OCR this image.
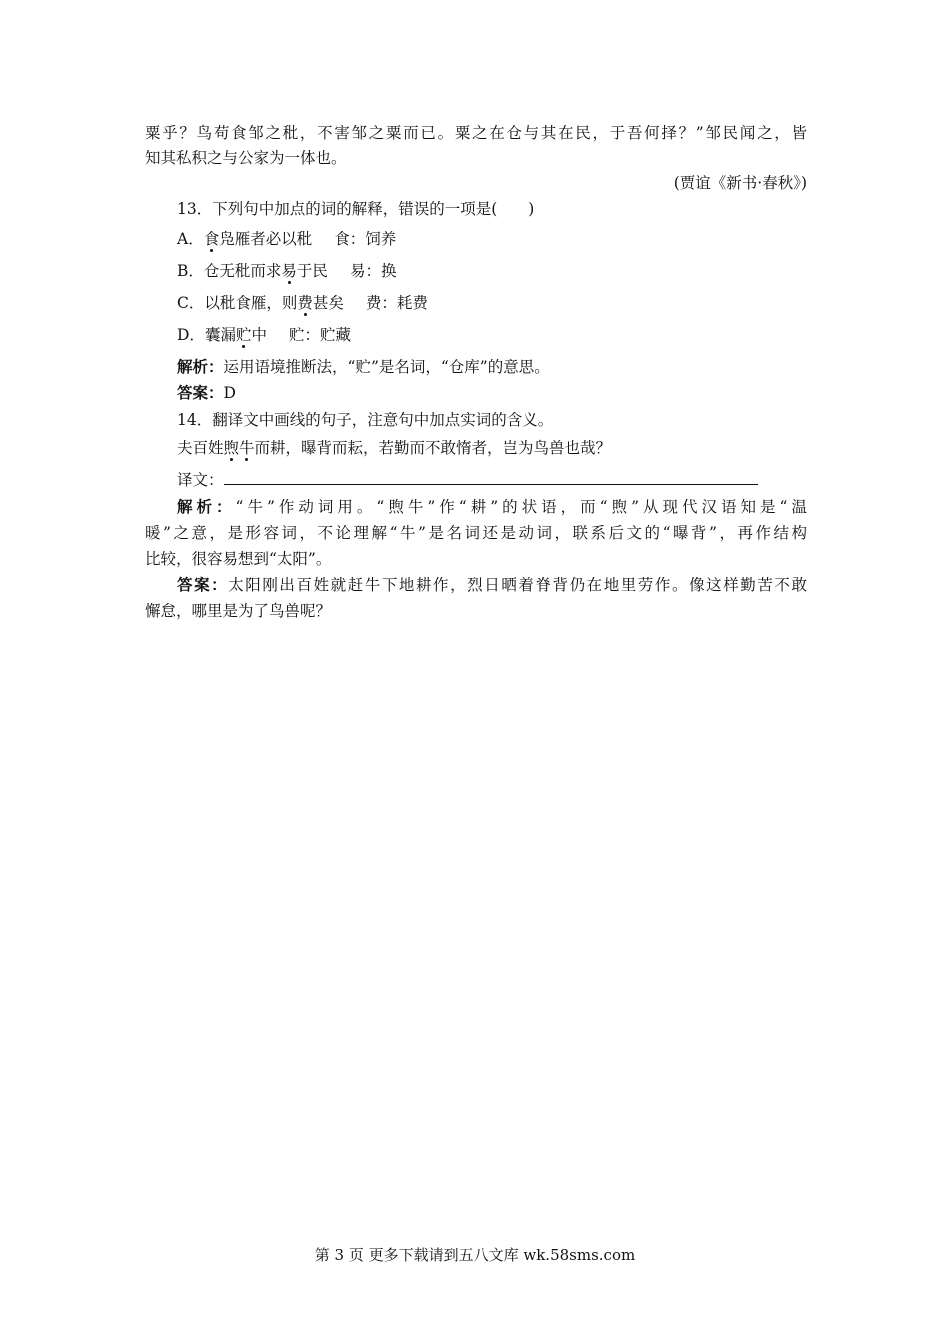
粟乎？鸟苟食邹之秕，不害邹之粟而已。粟之在仓与其在民，于吾何择？”邹民闻之，皆
知其私积之与公家为一体也。
(贾谊《新书·春秋》)
13．下列句中加点的词的解释，错误的一项是(　　)
A．食凫雁者必以秕 食：饲养
B．仓无秕而求易于民 易：换
C．以秕食雁，则费甚矣 费：耗费
D．囊漏贮中 贮：贮藏
解析：运用语境推断法，“贮”是名词，“仓库”的意思。
答案：D
14．翻译文中画线的句子，注意句中加点实词的含义。
夫百姓煦牛而耕，曝背而耘，若勤而不敢惰者，岂为鸟兽也哉？
译文：
解析：“牛”作动词用。“煦牛”作“耕”的状语，而“煦”从现代汉语知是“温
暖”之意，是形容词，不论理解“牛”是名词还是动词，联系后文的“曝背”，再作结构
比较，很容易想到“太阳”。
答案：太阳刚出百姓就赶牛下地耕作，烈日晒着脊背仍在地里劳作。像这样勤苦不敢
懈怠，哪里是为了鸟兽呢？
第 3 页 更多下载请到五八文库 wk.58sms.com
